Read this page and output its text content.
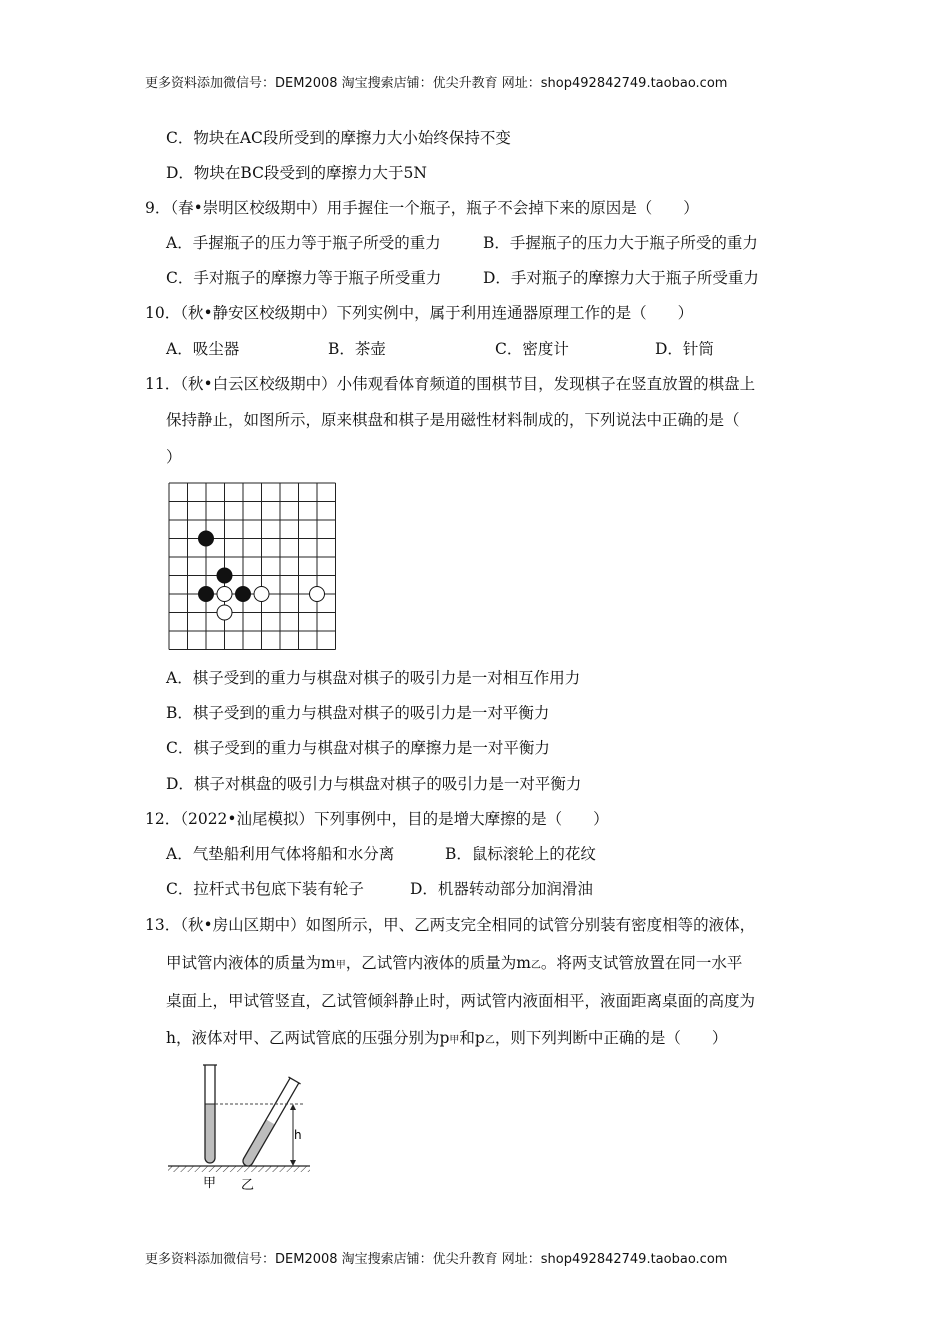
更多资料添加微信号：DEM2008 淘宝搜索店铺：优尖升教育 网址：shop492842749.taobao.com
C．物块在AC段所受到的摩擦力大小始终保持不变
D．物块在BC段受到的摩擦力大于5N
9．（春•崇明区校级期中）用手握住一个瓶子，瓶子不会掉下来的原因是（　　）
A．手握瓶子的压力等于瓶子所受的重力	B．手握瓶子的压力大于瓶子所受的重力
C．手对瓶子的摩擦力等于瓶子所受重力	D．手对瓶子的摩擦力大于瓶子所受重力
10．（秋•静安区校级期中）下列实例中，属于利用连通器原理工作的是（　　）
A．吸尘器	B．茶壶	C．密度计	D．针筒
11．（秋•白云区校级期中）小伟观看体育频道的围棋节目，发现棋子在竖直放置的棋盘上
保持静止，如图所示，原来棋盘和棋子是用磁性材料制成的，下列说法中正确的是（
）
A．棋子受到的重力与棋盘对棋子的吸引力是一对相互作用力
B．棋子受到的重力与棋盘对棋子的吸引力是一对平衡力
C．棋子受到的重力与棋盘对棋子的摩擦力是一对平衡力
D．棋子对棋盘的吸引力与棋盘对棋子的吸引力是一对平衡力
12．（2022•汕尾模拟）下列事例中，目的是增大摩擦的是（　　）
A．气垫船利用气体将船和水分离	B．鼠标滚轮上的花纹
C．拉杆式书包底下装有轮子	D．机器转动部分加润滑油
13．（秋•房山区期中）如图所示，甲、乙两支完全相同的试管分别装有密度相等的液体，
甲试管内液体的质量为m甲，乙试管内液体的质量为m乙。将两支试管放置在同一水平
桌面上，甲试管竖直，乙试管倾斜静止时，两试管内液面相平，液面距离桌面的高度为
h，液体对甲、乙两试管底的压强分别为p甲和p乙，则下列判断中正确的是（　　）
h
甲 乙
更多资料添加微信号：DEM2008 淘宝搜索店铺：优尖升教育 网址：shop492842749.taobao.com
